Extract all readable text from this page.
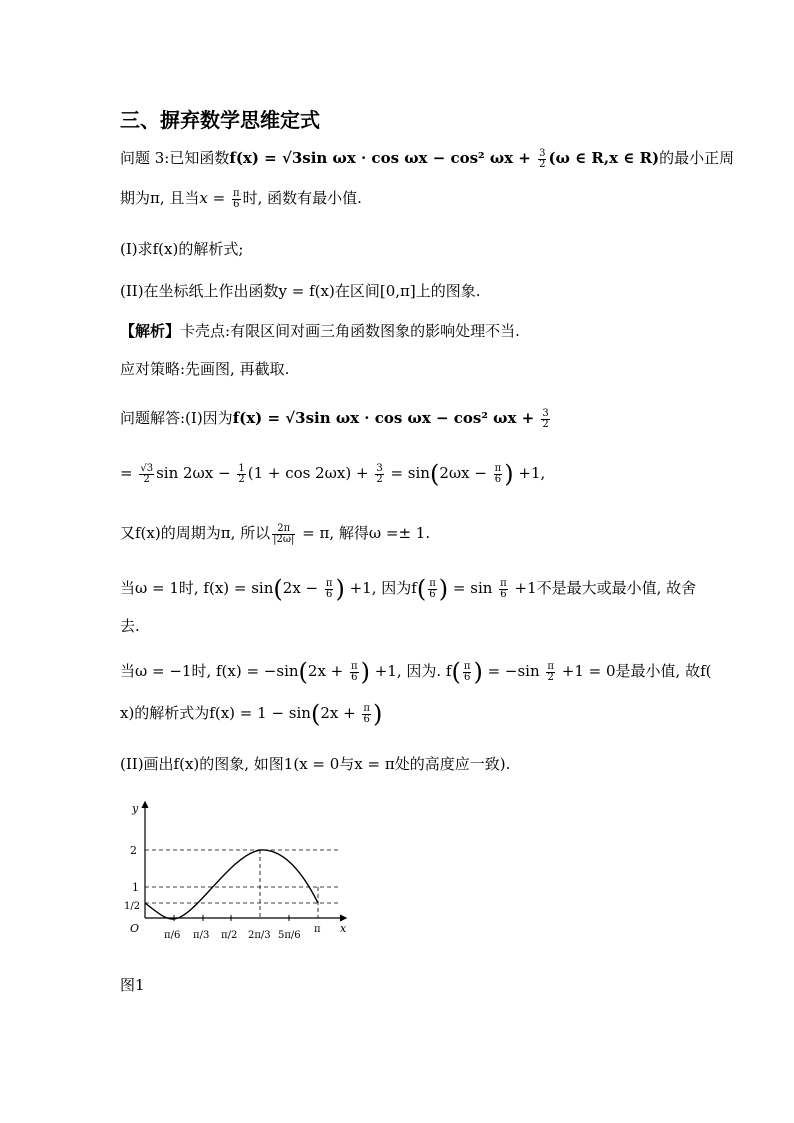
三、摒弃数学思维定式
问题 3:已知函数f(x) = √3sin ωx · cos ωx − cos² $\omega x + \frac{3}{2} (\omega$ ∈ R,x ∈ R)的最小正周
期为π, 且当$x = \frac{\pi}{6}$ 时, 函数有最小值.
(I)求f(x)的解析式;
(II)在坐标纸上作出函数y = f(x)在区间[0,π]上的图象.
【解析】卡壳点:有限区间对画三角函数图象的影响处理不当.
应对策略:先画图, 再截取.
问题解答:(I)因为f(x) = √3sin ωx · cos ωx − cos² $\omega x + \frac{3}{2}$
= $\frac{√3}{2}$ $\sin 2\omega x - \frac{1}{2} (1 + \cos 2\omega x) + \frac{3}{2} = \sin(2\omega x - \frac{\pi}{6}$ ) +1,
又f(x)的周期为π, 所以 $\frac{2\pi}{|2\omega|} = \pi$, 解得ω =± 1.
当ω = 1时, $f(x) = \sin(2x - \frac{\pi}{6}$ ) +1, 因为$f( \frac{\pi}{6}$ ) = $\sin \frac{\pi}{6} +1$不是最大或最小值, 故舍
去.
当ω = −1时, $f(x) = -\sin(2x + \frac{\pi}{6}$ ) +1, 因为. $f( \frac{\pi}{6}$ ) = $-\sin \frac{\pi}{2} +1 = 0$是最小值, 故f(
x)的解析式为$f(x) = 1 - \sin(2x + \frac{\pi}{6}$ )
(II)画出f(x)的图象, 如图1(x = 0与x = π处的高度应一致).
y
x
O
2
1
1/2
π/6 π/3 π/2 2π/3 5π/6
π
图1
